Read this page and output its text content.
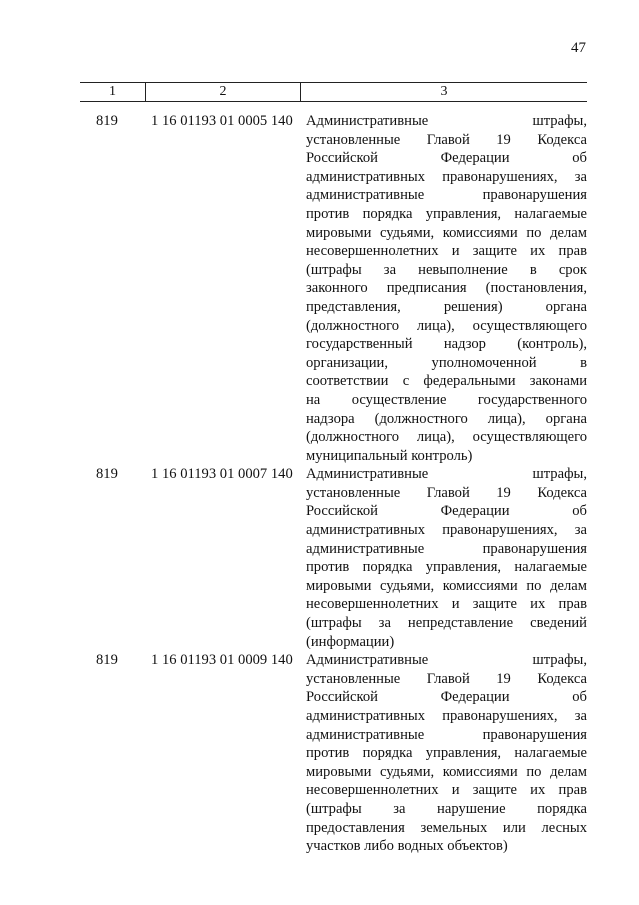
47
1	2	3
819	1 16 01193 01 0005 140 Административные штрафы,
установленные Главой 19 Кодекса
Российской Федерации об
административных правонарушениях, за
административные правонарушения
против порядка управления, налагаемые
мировыми судьями, комиссиями по делам
несовершеннолетних и защите их прав
(штрафы за невыполнение в срок
законного предписания (постановления,
представления, решения) органа
(должностного лица), осуществляющего
государственный надзор (контроль),
организации, уполномоченной в
соответствии с федеральными законами
на осуществление государственного
надзора (должностного лица), органа
(должностного лица), осуществляющего
муниципальный контроль)
819	1 16 01193 01 0007 140 Административные штрафы,
установленные Главой 19 Кодекса
Российской Федерации об
административных правонарушениях, за
административные правонарушения
против порядка управления, налагаемые
мировыми судьями, комиссиями по делам
несовершеннолетних и защите их прав
(штрафы за непредставление сведений
(информации)
819	1 16 01193 01 0009 140 Административные штрафы,
установленные Главой 19 Кодекса
Российской Федерации об
административных правонарушениях, за
административные правонарушения
против порядка управления, налагаемые
мировыми судьями, комиссиями по делам
несовершеннолетних и защите их прав
(штрафы за нарушение порядка
предоставления земельных или лесных
участков либо водных объектов)
